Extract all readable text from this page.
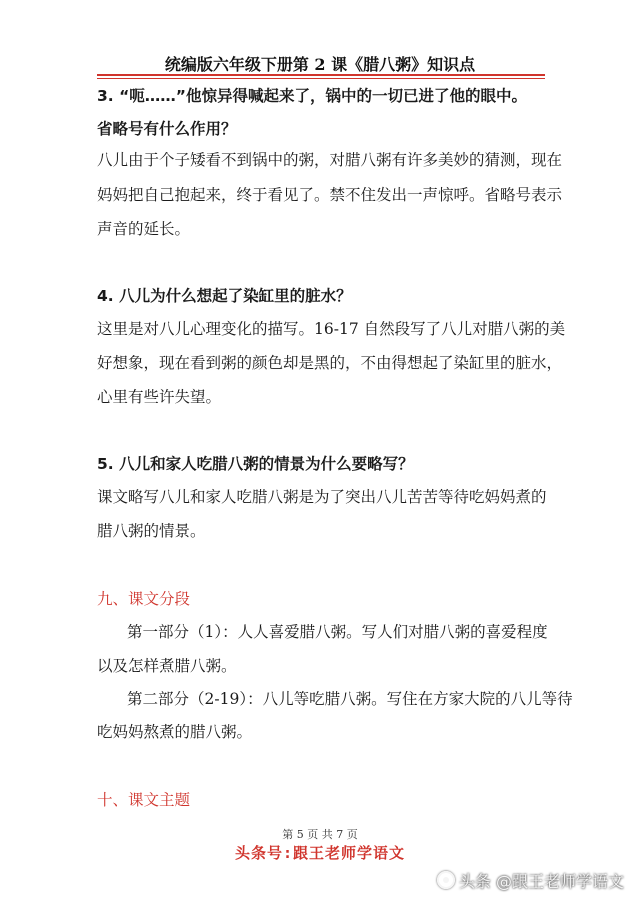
统编版六年级下册第 2 课《腊八粥》知识点
3. “呃……”他惊异得喊起来了，锅中的一切已进了他的眼中。
省略号有什么作用？
八儿由于个子矮看不到锅中的粥，对腊八粥有许多美妙的猜测，现在
妈妈把自己抱起来，终于看见了。禁不住发出一声惊呼。省略号表示
声音的延长。
4. 八儿为什么想起了染缸里的脏水？
这里是对八儿心理变化的描写。16-17 自然段写了八儿对腊八粥的美
好想象，现在看到粥的颜色却是黑的，不由得想起了染缸里的脏水，
心里有些许失望。
5. 八儿和家人吃腊八粥的情景为什么要略写？
课文略写八儿和家人吃腊八粥是为了突出八儿苦苦等待吃妈妈煮的
腊八粥的情景。
九、课文分段
第一部分（1）：人人喜爱腊八粥。写人们对腊八粥的喜爱程度
以及怎样煮腊八粥。
第二部分（2-19）：八儿等吃腊八粥。写住在方家大院的八儿等待
吃妈妈熬煮的腊八粥。
十、课文主题
第 5 页 共 7 页
头条号:跟王老师学语文
头条 @跟王老师学语文
